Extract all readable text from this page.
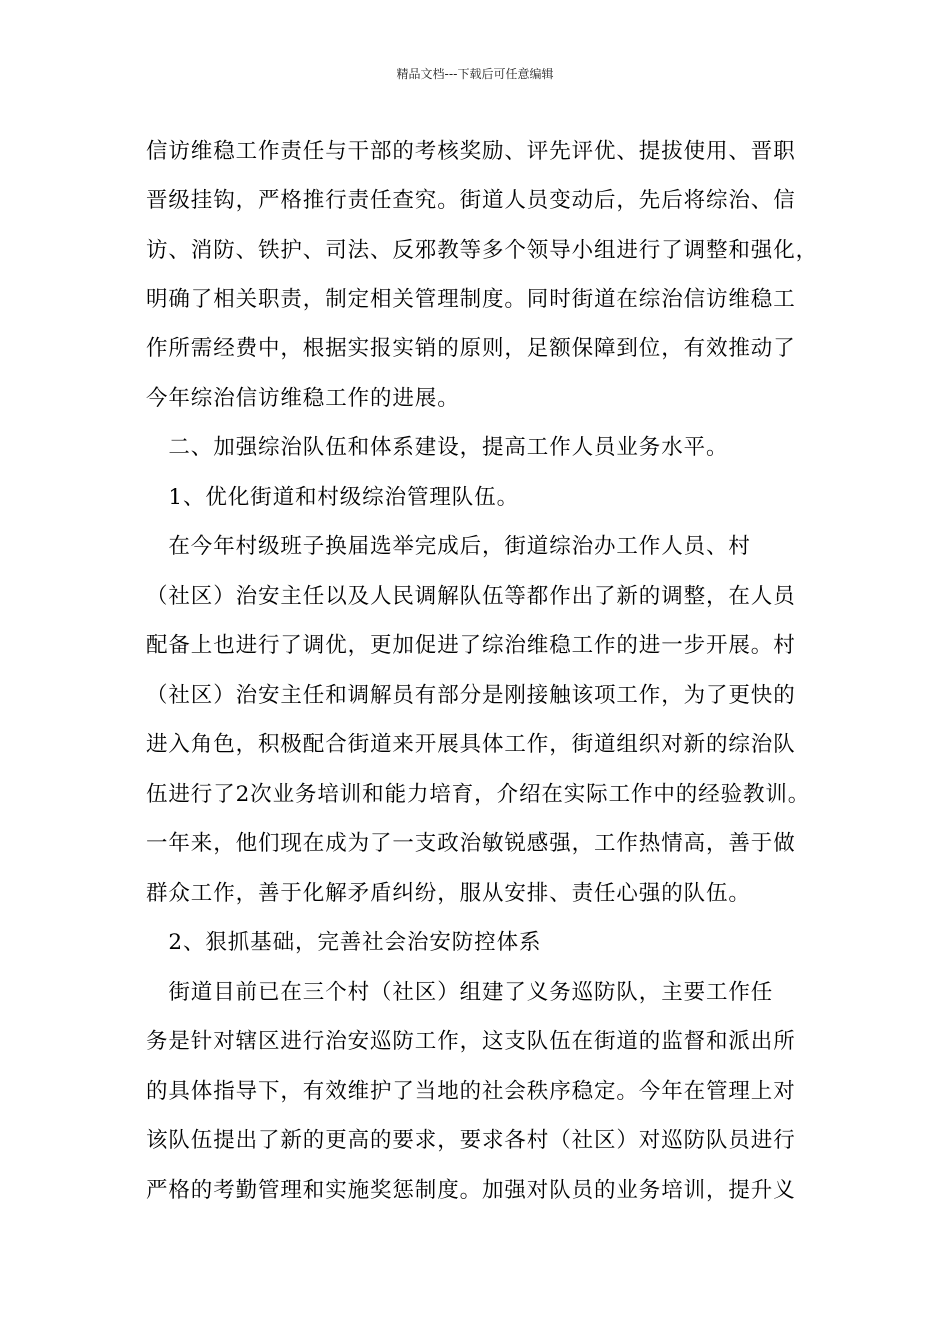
精品文档---下载后可任意编辑
信访维稳工作责任与干部的考核奖励、评先评优、提拔使用、晋职
晋级挂钩，严格推行责任查究。街道人员变动后，先后将综治、信
访、消防、铁护、司法、反邪教等多个领导小组进行了调整和强化，
明确了相关职责，制定相关管理制度。同时街道在综治信访维稳工
作所需经费中，根据实报实销的原则，足额保障到位，有效推动了
今年综治信访维稳工作的进展。
　二、加强综治队伍和体系建设，提高工作人员业务水平。
　1、优化街道和村级综治管理队伍。
　在今年村级班子换届选举完成后，街道综治办工作人员、村
（社区）治安主任以及人民调解队伍等都作出了新的调整，在人员
配备上也进行了调优，更加促进了综治维稳工作的进一步开展。村
（社区）治安主任和调解员有部分是刚接触该项工作，为了更快的
进入角色，积极配合街道来开展具体工作，街道组织对新的综治队
伍进行了2次业务培训和能力培育，介绍在实际工作中的经验教训。
一年来，他们现在成为了一支政治敏锐感强，工作热情高，善于做
群众工作，善于化解矛盾纠纷，服从安排、责任心强的队伍。
　2、狠抓基础，完善社会治安防控体系
　街道目前已在三个村（社区）组建了义务巡防队，主要工作任
务是针对辖区进行治安巡防工作，这支队伍在街道的监督和派出所
的具体指导下，有效维护了当地的社会秩序稳定。今年在管理上对
该队伍提出了新的更高的要求，要求各村（社区）对巡防队员进行
严格的考勤管理和实施奖惩制度。加强对队员的业务培训，提升义
